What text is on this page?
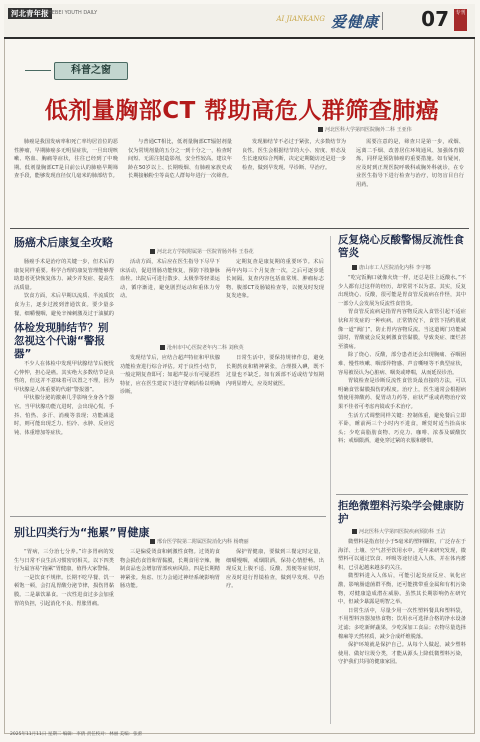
河北青年报 HEBEI YOUTH DAILY
AI JIANKANG 爱健康 07 专刊
科普之窗
低剂量胸部CT 帮助高危人群筛查肺癌
河北医科大学第四医院胸外二科 王亚伟

肺癌是我国发病率和死亡率均居首位的恶性肿瘤，早期肺癌多无明显症状，一旦出现咳嗽、咯血、胸痛等症状，往往已经到了中晚期。低剂量胸部CT是目前公认的肺癌早期筛查手段，能够发现直径仅几毫米的肺部结节。

与普通CT相比，低剂量胸部CT辐射剂量仅为常规剂量的五分之一到十分之一，检查时间短、无需注射造影剂，安全性较高。建议年龄在50岁以上、长期吸烟、有肺癌家族史或长期接触粉尘等高危人群每年进行一次筛查。

发现肺结节不必过于紧张，大多数结节为良性。医生会根据结节的大小、密度、形态及生长速度综合判断，决定定期随访还是进一步检查，做到早发现、早诊断、早治疗。

需要注意的是，筛查只是第一步，戒烟、远离二手烟、改善居住环境通风、加强体育锻炼，同样是预防肺癌的重要措施。如有疑问，应及时到正规医院呼吸科或胸外科就诊，在专业医生指导下进行检查与治疗，切勿盲目自行用药。

肠癌术后康复全攻略
河北北方学院附属第一医院胃肠外科 王春花

肠癌手术是治疗的关键一步，但术后的康复同样重要。科学合理的康复管理能够帮助患者更快恢复体力、减少并发症、提高生活质量。

饮食方面，术后早期以流质、半流质饮食为主，逐步过渡到普通饮食。要少量多餐，细嚼慢咽，避免辛辣刺激及过于油腻的

活动方面，术后应在医生指导下尽早下床活动，促进胃肠功能恢复，预防下肢静脉血栓。出院后可进行散步、太极拳等轻柔运动，循序渐进，避免剧烈运动和重体力劳动。

定期复查是康复期的重要环节。术后两年内每三个月复查一次，之后可逐步延长间隔。复查内容包括血常规、肿瘤标志物、腹部CT及肠镜检查等，以便及时发现复发迹象。

体检发现肺结节？别忽视这个代谢“警报器”	沧州市中心医院老年内二科 刘秋英

不少人在体检中发现甲状腺结节后便忧心忡忡，担心是癌。其实绝大多数结节是良性的，但这并不意味着可以置之不理，因为甲状腺是人体重要的代谢“警报器”。

甲状腺分泌的激素几乎影响全身各个器官。当甲状腺功能亢进时，会出现心慌、手抖、怕热、多汗、消瘦等表现；功能减退时，则可能出现乏力、怕冷、水肿、反应迟钝、体重增加等症状。

发现结节后，应结合超声特征和甲状腺功能检查进行综合评估。对于良性小结节，一般定期复查即可；如超声提示有可疑恶性特征，应在医生建议下进行穿刺活检以明确诊断。

日常生活中，要保持规律作息，避免长期熬夜和精神紧张，合理摄入碘，既不过量也不缺乏。如有颈部不适或结节短期内明显增大，应及时就医。

别让四类行为“拖累”胃健康
邢台医学院第二附属医院消化内科 杨晓丽

“胃病，三分治七分养。”许多胃病的发生与日常不良生活习惯密切相关。以下四类行为最容易“拖累”胃健康，值得大家警惕。

一是饮食不规律。长期不吃早餐、饥一顿饱一顿，会打乱胃酸分泌节律，损伤胃黏膜。二是暴饮暴食。一次性进食过多会加重胃的负担，引起消化不良、胃胀胃痛。

三是偏爱烫食和刺激性食物。过烫的食物会损伤食管和胃黏膜，长期食用辛辣、腌制食品也会增加胃部疾病风险。四是长期精神紧张。焦虑、压力会通过神经系统影响胃肠功能。

保护胃健康，要做到三餐定时定量，细嚼慢咽，戒烟限酒，保持心情舒畅。出现反复上腹不适、反酸、黑便等症状时，应及时进行胃镜检查，做到早发现、早治疗。

反复烧心反酸警惕反流性食管炎
唐山市工人医院消化内科 李宇娜

“吃完饭胸口就像火烧一样，还总是往上返酸水。”不少人都有过这样的经历，却常常不以为意。其实，反复出现烧心、反酸，很可能是胃食管反流病在作怪，其中一部分人会发展为反流性食管炎。

胃食管反流病是指胃内容物反流入食管引起不适症状和并发症的一种疾病。正常情况下，食管下括约肌就像一道“阀门”，防止胃内容物反流。当这道阀门功能减弱时，胃酸就会反复刺激食管黏膜，导致炎症、糜烂甚至溃疡。

除了烧心、反酸，部分患者还会出现胸痛、吞咽困难、慢性咳嗽、咽部异物感、声音嘶哑等不典型症状，容易被误认为心脏病、咽炎或哮喘，从而延误诊治。

胃镜检查是诊断反流性食管炎最直接的方法，可以明确食管黏膜损伤的程度。治疗上，医生通常会根据病情使用抑酸药、促胃动力药等，症状严重或药物治疗效果不佳者可考虑内镜或手术治疗。

生活方式调整同样关键：控制体重，避免餐后立即平卧，睡前两三个小时内不进食，睡觉时适当抬高床头；少吃高脂肪食物、巧克力、咖啡、浓茶及碳酸饮料；戒烟限酒，避免穿过紧的衣服和腰带。

拒绝微塑料污染学会健康防护
河北医科大学第四医院疾病预防科 王洁

微塑料是指直径小于5毫米的塑料颗粒，广泛存在于海洋、土壤、空气甚至饮用水中。近年来研究发现，微塑料可以通过饮食、呼吸等途径进入人体，并在体内蓄积，已引起越来越多的关注。

微塑料进入人体后，可能引起炎症反应、氧化应激，影响肠道菌群平衡，还可能携带重金属和有机污染物，对健康造成潜在威胁。虽然其长期影响仍在研究中，但减少暴露是明智之举。

日常生活中，尽量少用一次性塑料餐具和塑料袋，不用塑料容器加热食物；饮用水可选择合格的净水设备过滤；多吃新鲜蔬果，少吃深加工食品；衣物尽量选择棉麻等天然材质，减少合成纤维脱落。

保护环境就是保护自己。从每个人做起，减少塑料使用、做好垃圾分类，才能从源头上降低微塑料污染，守护我们共同的健康家园。

2025年11月11日 星期二 编辑：李倩 责任校对：林丽 美编：张蕾
